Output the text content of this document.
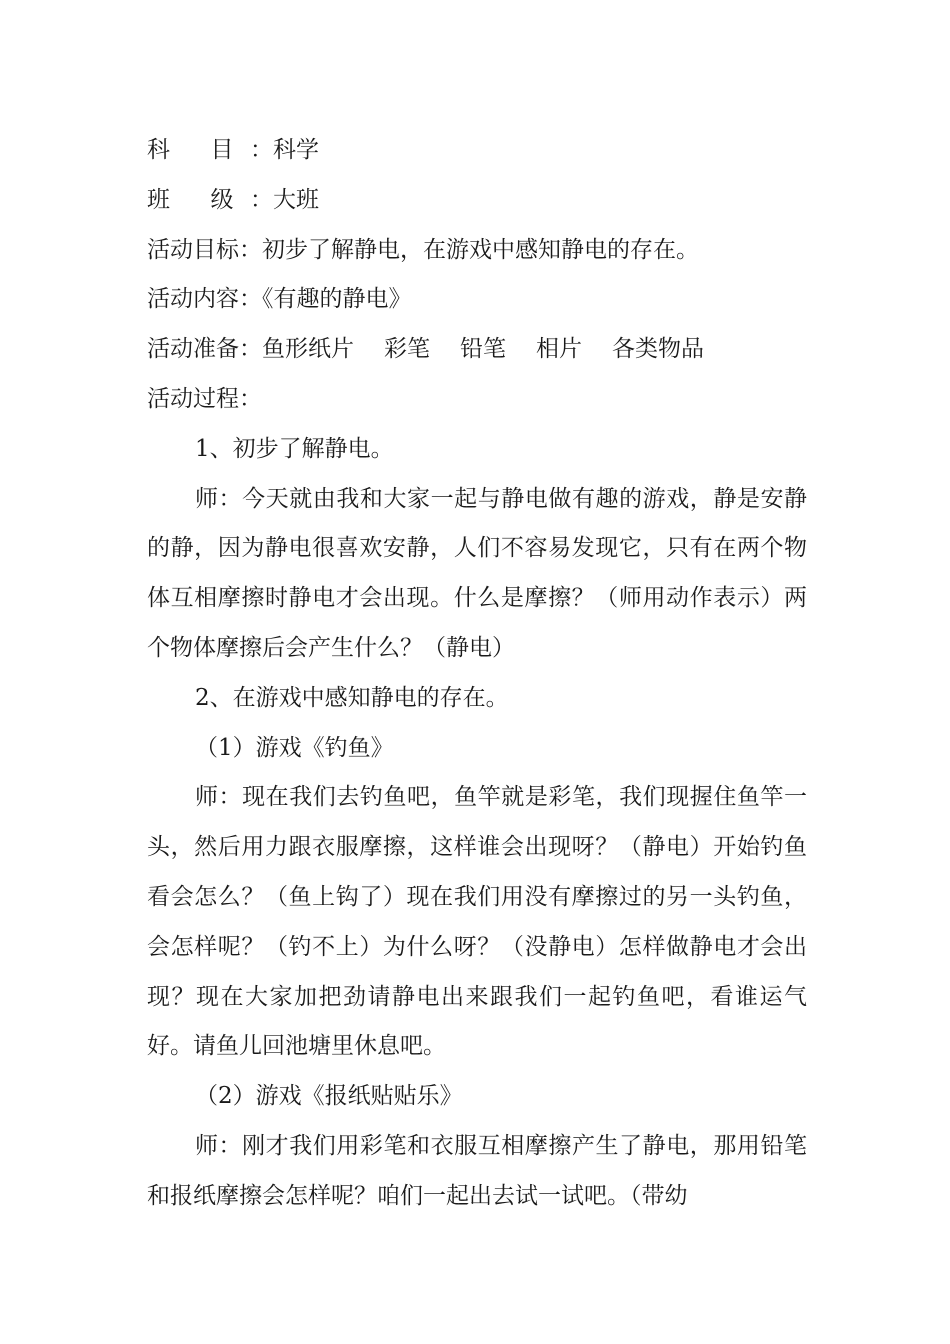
科 目：科学
班 级：大班
活动目标：初步了解静电，在游戏中感知静电的存在。
活动内容：《有趣的静电》
活动准备：鱼形纸片 彩笔 铅笔 相片 各类物品
活动过程：
1、初步了解静电。
师：今天就由我和大家一起与静电做有趣的游戏，静是安静的静，因为静电很喜欢安静，人们不容易发现它，只有在两个物体互相摩擦时静电才会出现。什么是摩擦？（师用动作表示）两个物体摩擦后会产生什么？（静电）
2、在游戏中感知静电的存在。
（1）游戏《钓鱼》
师：现在我们去钓鱼吧，鱼竿就是彩笔，我们现握住鱼竿一头，然后用力跟衣服摩擦，这样谁会出现呀？（静电）开始钓鱼看会怎么？（鱼上钩了）现在我们用没有摩擦过的另一头钓鱼，会怎样呢？（钓不上）为什么呀？（没静电）怎样做静电才会出现？现在大家加把劲请静电出来跟我们一起钓鱼吧，看谁运气好。请鱼儿回池塘里休息吧。
（2）游戏《报纸贴贴乐》
师：刚才我们用彩笔和衣服互相摩擦产生了静电，那用铅笔和报纸摩擦会怎样呢？咱们一起出去试一试吧。（带幼
